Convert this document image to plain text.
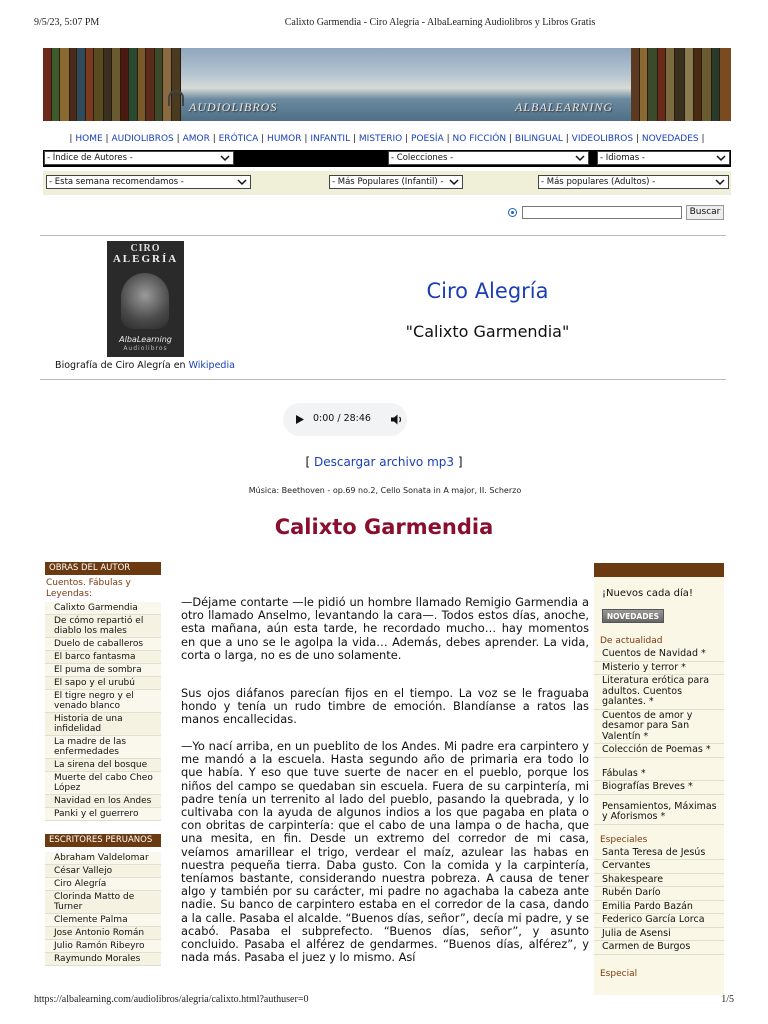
9/5/23, 5:07 PM	Calixto Garmendia - Ciro Alegría - AlbaLearning Audiolibros y Libros Gratis
AUDIOLIBROS	ALBALEARNING
| HOME | AUDIOLIBROS | AMOR | ERÓTICA | HUMOR | INFANTIL | MISTERIO | POESÍA | NO FICCIÓN | BILINGUAL | VIDEOLIBROS | NOVEDADES |
- Índice de Autores -	- Colecciones -	- Idiomas -
- Esta semana recomendamos -	- Más Populares (Infantil) -	- Más populares (Adultos) -
Buscar
CIRO
ALEGRÍA
AlbaLearning
Audiolibros
Ciro Alegría
"Calixto Garmendia"
Biografía de Ciro Alegría en Wikipedia
0:00 / 28:46
[ Descargar archivo mp3 ]
Música: Beethoven - op.69 no.2, Cello Sonata in A major, II. Scherzo
Calixto Garmendia
OBRAS DEL AUTOR
Cuentos. Fábulas y Leyendas:
Calixto Garmendia
De cómo repartió el diablo los males
Duelo de caballeros
El barco fantasma
El puma de sombra
El sapo y el urubú
El tigre negro y el venado blanco
Historia de una infidelidad
La madre de las enfermedades
La sirena del bosque
Muerte del cabo Cheo López
Navidad en los Andes
Panki y el guerrero
ESCRITORES PERUANOS
Abraham Valdelomar
César Vallejo
Ciro Alegría
Clorinda Matto de Turner
Clemente Palma
Jose Antonio Román
Julio Ramón Ribeyro
Raymundo Morales
—Déjame contarte —le pidió un hombre llamado Remigio Garmendia a otro llamado Anselmo, levantando la cara—. Todos estos días, anoche, esta mañana, aún esta tarde, he recordado mucho… hay momentos en que a uno se le agolpa la vida… Además, debes aprender. La vida, corta o larga, no es de uno solamente.
Sus ojos diáfanos parecían fijos en el tiempo. La voz se le fraguaba hondo y tenía un rudo timbre de emoción. Blandíanse a ratos las manos encallecidas.
—Yo nací arriba, en un pueblito de los Andes. Mi padre era carpintero y me mandó a la escuela. Hasta segundo año de primaria era todo lo que había. Y eso que tuve suerte de nacer en el pueblo, porque los niños del campo se quedaban sin escuela. Fuera de su carpintería, mi padre tenía un terrenito al lado del pueblo, pasando la quebrada, y lo cultivaba con la ayuda de algunos indios a los que pagaba en plata o con obritas de carpintería: que el cabo de una lampa o de hacha, que una mesita, en fin. Desde un extremo del corredor de mi casa, veíamos amarillear el trigo, verdear el maíz, azulear las habas en nuestra pequeña tierra. Daba gusto. Con la comida y la carpintería, teníamos bastante, considerando nuestra pobreza. A causa de tener algo y también por su carácter, mi padre no agachaba la cabeza ante nadie. Su banco de carpintero estaba en el corredor de la casa, dando a la calle. Pasaba el alcalde. “Buenos días, señor”, decía mi padre, y se acabó. Pasaba el subprefecto. “Buenos días, señor”, y asunto concluido. Pasaba el alférez de gendarmes. “Buenos días, alférez”, y nada más. Pasaba el juez y lo mismo. Así
¡Nuevos cada día!
NOVEDADES
De actualidad
Cuentos de Navidad *
Misterio y terror *
Literatura erótica para adultos. Cuentos galantes. *
Cuentos de amor y desamor para San Valentín *
Colección de Poemas *
Fábulas *
Biografías Breves *
Pensamientos, Máximas y Aforismos *
Especiales
Santa Teresa de Jesús
Cervantes
Shakespeare
Rubén Darío
Emilia Pardo Bazán
Federico García Lorca
Julia de Asensi
Carmen de Burgos
Especial
https://albalearning.com/audiolibros/alegria/calixto.html?authuser=0	1/5
